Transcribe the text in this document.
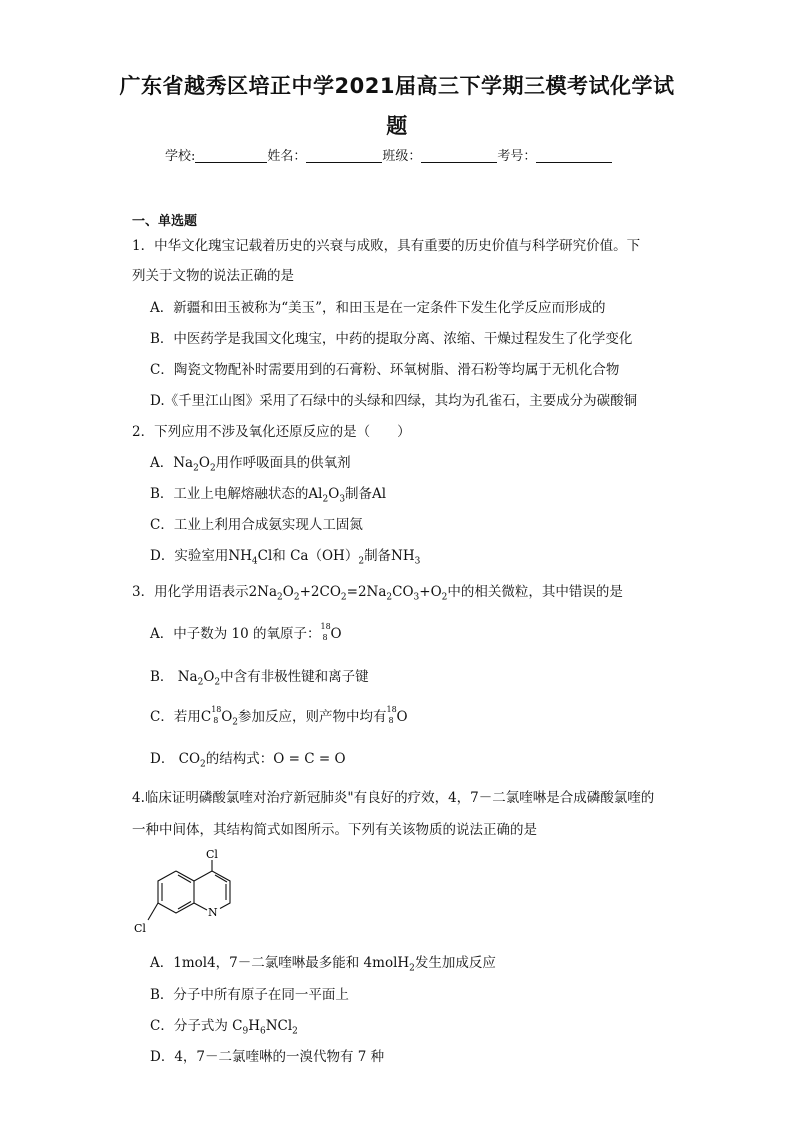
广东省越秀区培正中学2021届高三下学期三模考试化学试
题
学校:	姓名：	班级：	考号：
一、单选题
1．中华文化瑰宝记载着历史的兴衰与成败，具有重要的历史价值与科学研究价值。下
列关于文物的说法正确的是
A．新疆和田玉被称为“美玉”，和田玉是在一定条件下发生化学反应而形成的
B．中医药学是我国文化瑰宝，中药的提取分离、浓缩、干燥过程发生了化学变化
C．陶瓷文物配补时需要用到的石膏粉、环氧树脂、滑石粉等均属于无机化合物
D.《千里江山图》采用了石绿中的头绿和四绿，其均为孔雀石，主要成分为碳酸铜
2．下列应用不涉及氧化还原反应的是（　　）
A．$Na_2O_2$用作呼吸面具的供氧剂
B．工业上电解熔融状态的$Al_2O_3$制备Al
C．工业上利用合成氨实现人工固氮
D．实验室用$NH_4Cl$和 $Ca(OH)_2$制备$NH_3$
3．用化学用语表示$2Na_2O_2+2CO_2=2Na_2CO_3+O_2$中的相关微粒，其中错误的是
A．中子数为 10 的氧原子： 18
8 O
B． $Na_2O_2$中含有非极性键和离子键
C．若用C 18
8 $O_2$参加反应，则产物中均有 18
8 O
D． $CO_2$的结构式：O = C = O
4.临床证明磷酸氯喹对治疗新冠肺炎"有良好的疗效，4，7－二氯喹啉是合成磷酸氯喹的
一种中间体，其结构简式如图所示。下列有关该物质的说法正确的是
Cl
N
Cl
A．1mol4，7－二氯喹啉最多能和 4molH$_2$发生加成反应
B．分子中所有原子在同一平面上
C．分子式为 $C_9H_6NCl_2$
D．4，7－二氯喹啉的一溴代物有 7 种
